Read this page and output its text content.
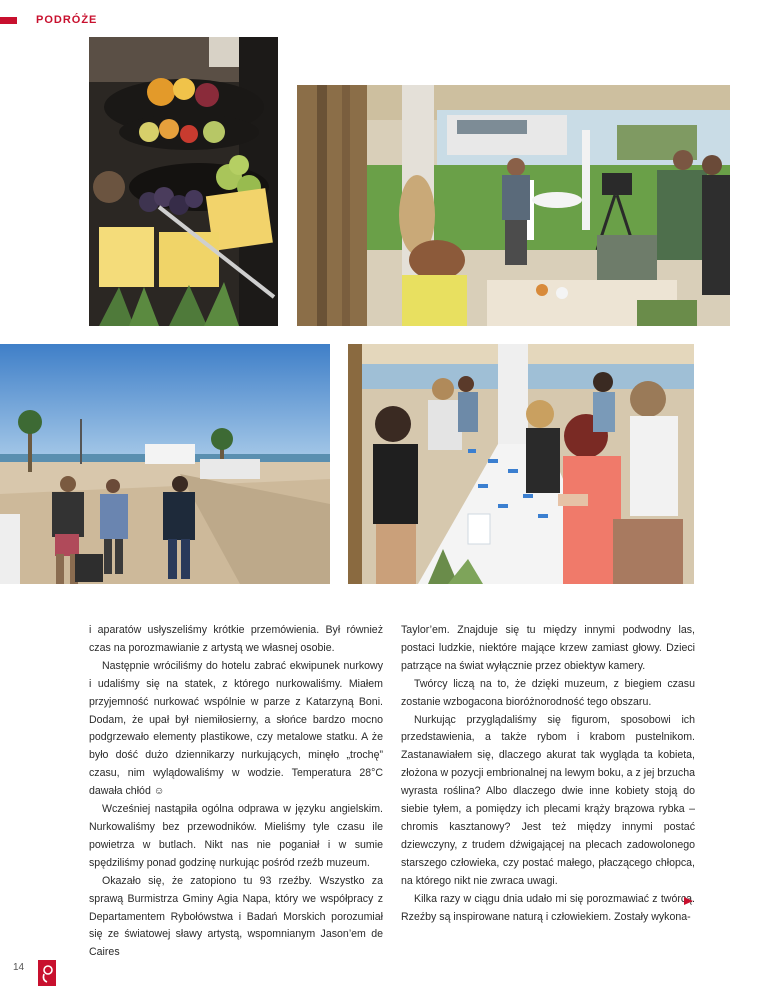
PODRÓŻE

i aparatów usłyszeliśmy krótkie przemówienia. Był również czas na porozmawianie z artystą we własnej osobie.

Następnie wróciliśmy do hotelu zabrać ekwipunek nurkowy i udaliśmy się na statek, z którego nurkowaliśmy. Miałem przyjemność nurkować wspólnie w parze z Katarzyną Boni. Dodam, że upał był niemiłosierny, a słońce bardzo mocno podgrzewało elementy plastikowe, czy metalowe statku. A że było dość dużo dziennikarzy nurkujących, minęło „trochę” czasu, nim wylądowaliśmy w wodzie. Temperatura 28°C dawała chłód ☺

Wcześniej nastąpiła ogólna odprawa w języku angielskim. Nurkowaliśmy bez przewodników. Mieliśmy tyle czasu ile powietrza w butlach. Nikt nas nie poganiał i w sumie spędziliśmy ponad godzinę nurkując pośród rzeźb muzeum.

Okazało się, że zatopiono tu 93 rzeźby. Wszystko za sprawą Burmistrza Gminy Agia Napa, który we współpracy z Departamentem Rybołówstwa i Badań Morskich porozumiał się ze światowej sławy artystą, wspomnianym Jason’em de Caires

Taylor’em. Znajduje się tu między innymi podwodny las, postaci ludzkie, niektóre mające krzew zamiast głowy. Dzieci patrzące na świat wyłącznie przez obiektyw kamery.

Twórcy liczą na to, że dzięki muzeum, z biegiem czasu zostanie wzbogacona bioróżnorodność tego obszaru.

Nurkując przyglądaliśmy się figurom, sposobowi ich przedstawienia, a także rybom i krabom pustelnikom. Zastanawiałem się, dlaczego akurat tak wygląda ta kobieta, złożona w pozycji embrionalnej na lewym boku, a z jej brzucha wyrasta roślina? Albo dlaczego dwie inne kobiety stoją do siebie tyłem, a pomiędzy ich plecami krąży brązowa rybka – chromis kasztanowy? Jest też między innymi postać dziewczyny, z trudem dźwigającej na plecach zadowolonego starszego człowieka, czy postać małego, płaczącego chłopca, na którego nikt nie zwraca uwagi.

Kilka razy w ciągu dnia udało mi się porozmawiać z twórcą. Rzeźby są inspirowane naturą i człowiekiem. Zostały wykona-

14
